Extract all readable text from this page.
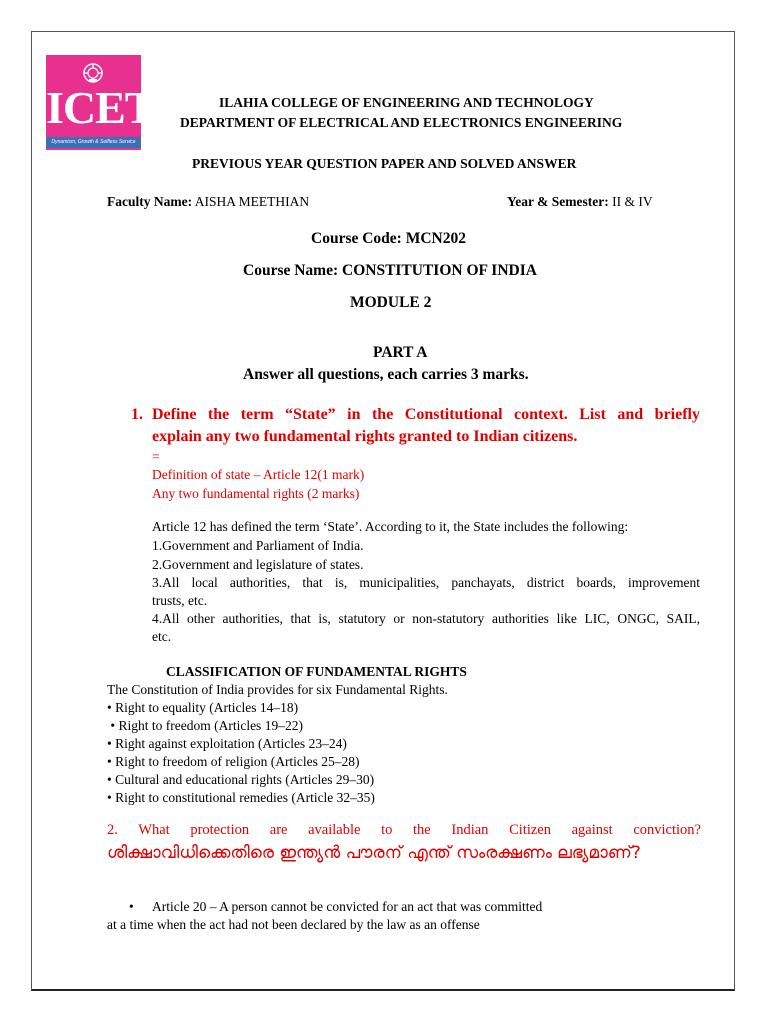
ICET
Dynamism, Growth & Selfless Service
ILAHIA COLLEGE OF ENGINEERING AND TECHNOLOGY
DEPARTMENT OF ELECTRICAL AND ELECTRONICS ENGINEERING
PREVIOUS YEAR QUESTION PAPER AND SOLVED ANSWER
Faculty Name: AISHA MEETHIAN	Year & Semester: II & IV
Course Code: MCN202
Course Name: CONSTITUTION OF INDIA
MODULE 2
PART A
Answer all questions, each carries 3 marks.
1. Define the term “State” in the Constitutional context. List and briefly
explain any two fundamental rights granted to Indian citizens.
=
Definition of state – Article 12(1 mark)
Any two fundamental rights (2 marks)
Article 12 has defined the term ‘State’. According to it, the State includes the following:
1.Government and Parliament of India.
2.Government and legislature of states.
3.All local authorities, that is, municipalities, panchayats, district boards, improvement
trusts, etc.
4.All other authorities, that is, statutory or non-statutory authorities like LIC, ONGC, SAIL,
etc.
CLASSIFICATION OF FUNDAMENTAL RIGHTS
The Constitution of India provides for six Fundamental Rights.
• Right to equality (Articles 14–18)
• Right to freedom (Articles 19–22)
• Right against exploitation (Articles 23–24)
• Right to freedom of religion (Articles 25–28)
• Cultural and educational rights (Articles 29–30)
• Right to constitutional remedies (Article 32–35)
2. What protection are available to the Indian Citizen against conviction?
ശിക്ഷാവിധിക്കെതിരെ ഇന്ത്യൻ പൗരന് എന്ത് സംരക്ഷണം ലഭ്യമാണ്?
• Article 20 – A person cannot be convicted for an act that was committed
at a time when the act had not been declared by the law as an offense
